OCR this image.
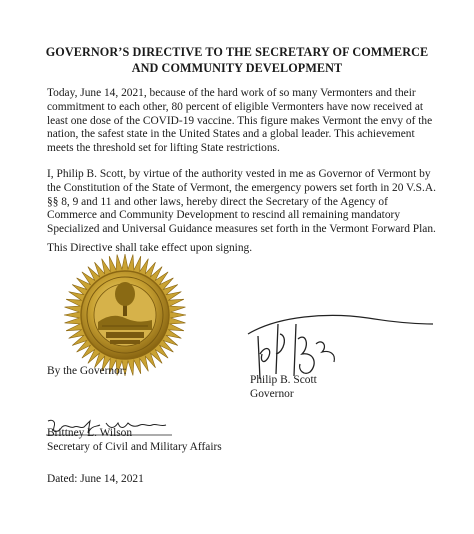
GOVERNOR’S DIRECTIVE TO THE SECRETARY OF COMMERCE
AND COMMUNITY DEVELOPMENT

Today, June 14, 2021, because of the hard work of so many Vermonters and their commitment to each other, 80 percent of eligible Vermonters have now received at least one dose of the COVID-19 vaccine. This figure makes Vermont the envy of the nation, the safest state in the United States and a global leader. This achievement meets the threshold set for lifting State restrictions.

I, Philip B. Scott, by virtue of the authority vested in me as Governor of Vermont by the Constitution of the State of Vermont, the emergency powers set forth in 20 V.S.A. §§ 8, 9 and 11 and other laws, hereby direct the Secretary of the Agency of Commerce and Community Development to rescind all remaining mandatory Specialized and Universal Guidance measures set forth in the Vermont Forward Plan.

This Directive shall take effect upon signing.

By the Governor:
Philip B. Scott
Governor
Brittney L. Wilson
Secretary of Civil and Military Affairs
Dated: June 14, 2021
